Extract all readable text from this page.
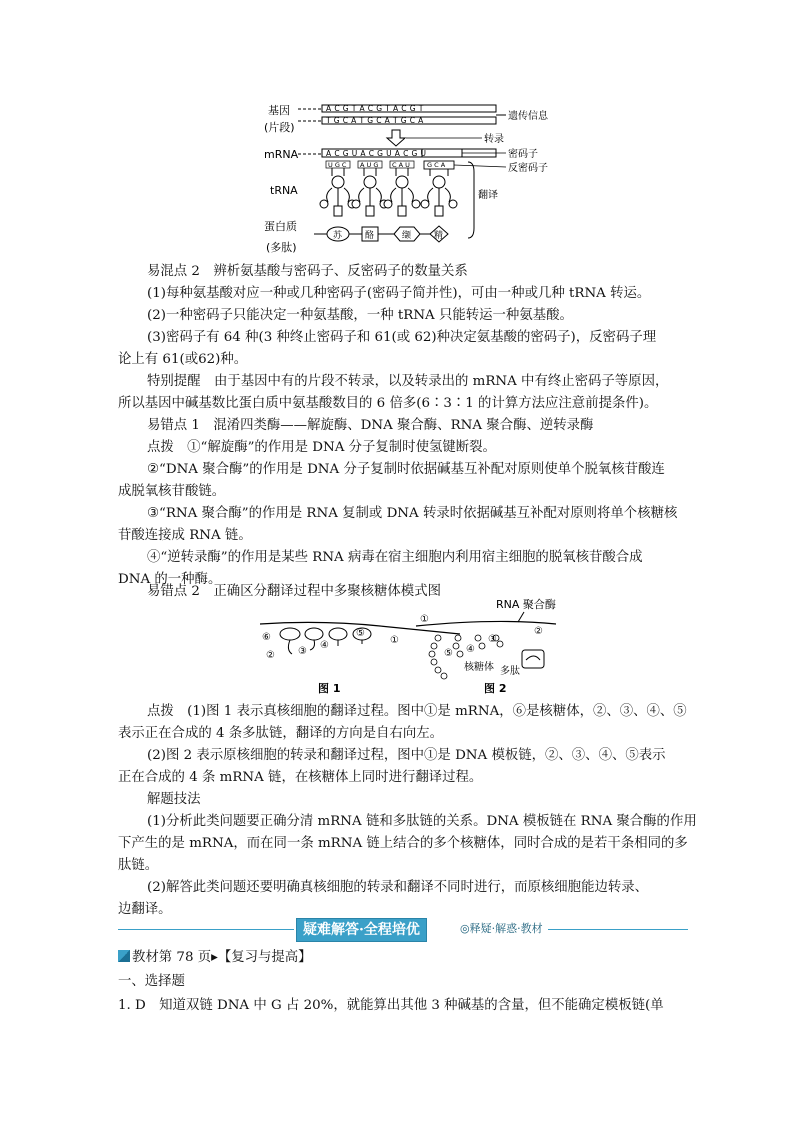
基因
(片段)
mRNA
tRNA
蛋白质
(多肽)
A C G T A C G T A C G T
T G C A T G C A T G C A	遗传信息
转录
A C G U A C G U A C G U	密码子
U G C A U G C A U	G C A	反密码子
翻译
苏	酪	缬	精
易混点 2　辨析氨基酸与密码子、反密码子的数量关系
(1)每种氨基酸对应一种或几种密码子(密码子简并性)，可由一种或几种 tRNA 转运。
(2)一种密码子只能决定一种氨基酸，一种 tRNA 只能转运一种氨基酸。
(3)密码子有 64 种(3 种终止密码子和 61(或 62)种决定氨基酸的密码子)，反密码子理
论上有 61(或62)种。
特别提醒　由于基因中有的片段不转录，以及转录出的 mRNA 中有终止密码子等原因，
所以基因中碱基数比蛋白质中氨基酸数目的 6 倍多(6∶3∶1 的计算方法应注意前提条件)。
易错点 1　混淆四类酶——解旋酶、DNA 聚合酶、RNA 聚合酶、逆转录酶
点拨　①“解旋酶”的作用是 DNA 分子复制时使氢键断裂。
②“DNA 聚合酶”的作用是 DNA 分子复制时依据碱基互补配对原则使单个脱氧核苷酸连
成脱氧核苷酸链。
③“RNA 聚合酶”的作用是 RNA 复制或 DNA 转录时依据碱基互补配对原则将单个核糖核
苷酸连接成 RNA 链。
④“逆转录酶”的作用是某些 RNA 病毒在宿主细胞内利用宿主细胞的脱氧核苷酸合成
DNA 的一种酶。
易错点 2　正确区分翻译过程中多聚核糖体模式图
⑥
② ③
④
⑤
①
图 1
RNA 聚合酶
①
⑤ ④
③
②
核糖体 多肽
图 2
点拨　(1)图 1 表示真核细胞的翻译过程。图中①是 mRNA，⑥是核糖体，②、③、④、⑤
表示正在合成的 4 条多肽链，翻译的方向是自右向左。
(2)图 2 表示原核细胞的转录和翻译过程，图中①是 DNA 模板链，②、③、④、⑤表示
正在合成的 4 条 mRNA 链，在核糖体上同时进行翻译过程。
解题技法
(1)分析此类问题要正确分清 mRNA 链和多肽链的关系。DNA 模板链在 RNA 聚合酶的作用
下产生的是 mRNA，而在同一条 mRNA 链上结合的多个核糖体，同时合成的是若干条相同的多
肽链。
(2)解答此类问题还要明确真核细胞的转录和翻译不同时进行，而原核细胞能边转录、
边翻译。
疑难解答·全程培优	◎释疑·解惑·教材
教材第 78 页▸【复习与提高】
一、选择题
1. D　知道双链 DNA 中 G 占 20%，就能算出其他 3 种碱基的含量，但不能确定模板链(单
